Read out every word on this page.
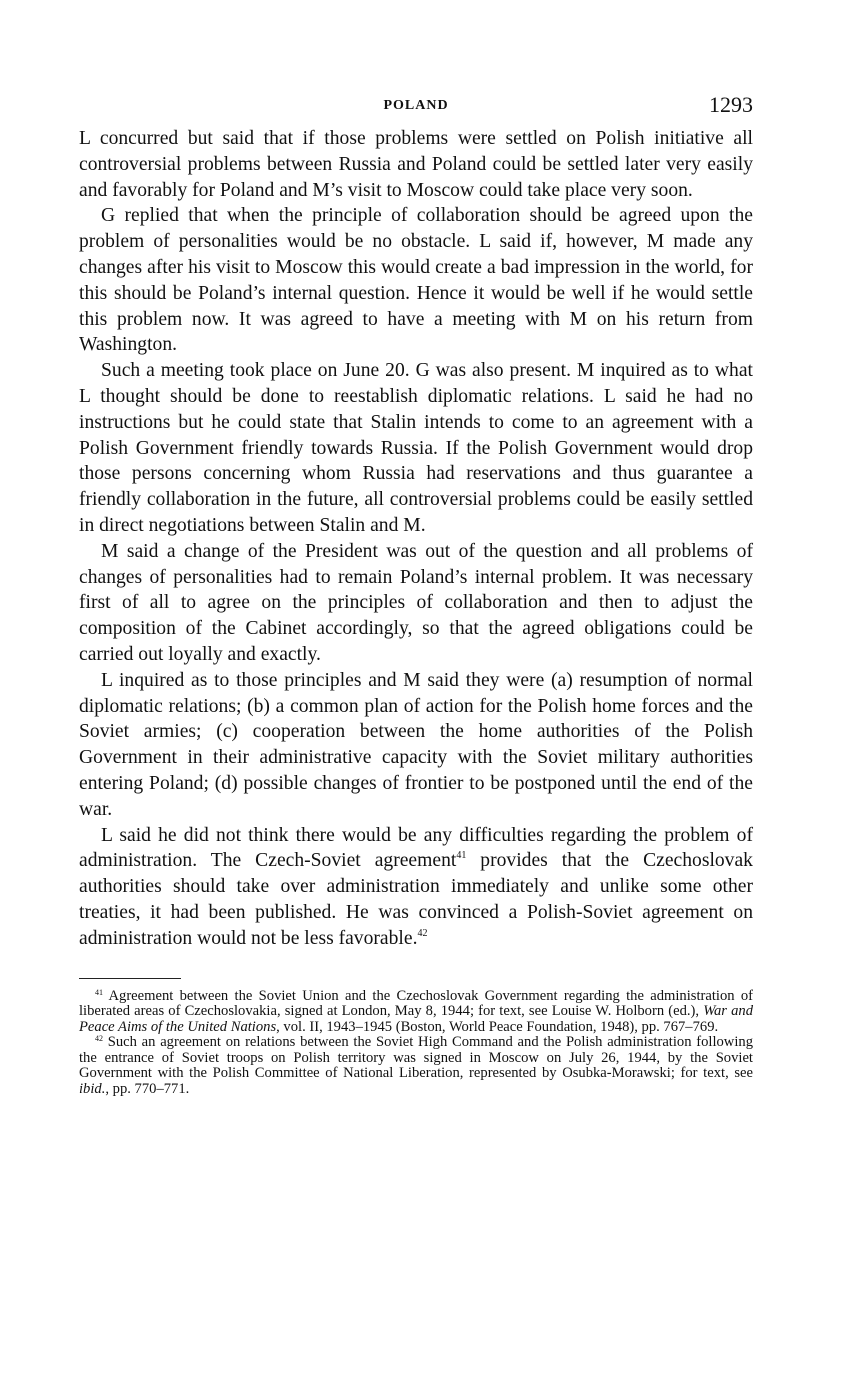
POLAND	1293

L concurred but said that if those problems were settled on Polish initiative all controversial problems between Russia and Poland could be settled later very easily and favorably for Poland and M’s visit to Moscow could take place very soon.

G replied that when the principle of collaboration should be agreed upon the problem of personalities would be no obstacle. L said if, however, M made any changes after his visit to Moscow this would create a bad impression in the world, for this should be Poland’s internal question. Hence it would be well if he would settle this problem now. It was agreed to have a meeting with M on his return from Washington.

Such a meeting took place on June 20. G was also present. M inquired as to what L thought should be done to reestablish diplomatic relations. L said he had no instructions but he could state that Stalin intends to come to an agreement with a Polish Government friendly towards Russia. If the Polish Government would drop those persons concerning whom Russia had reservations and thus guarantee a friendly collaboration in the future, all controversial problems could be easily settled in direct negotiations between Stalin and M.

M said a change of the President was out of the question and all problems of changes of personalities had to remain Poland’s internal problem. It was necessary first of all to agree on the principles of collaboration and then to adjust the composition of the Cabinet accordingly, so that the agreed obligations could be carried out loyally and exactly.

L inquired as to those principles and M said they were (a) resumption of normal diplomatic relations; (b) a common plan of action for the Polish home forces and the Soviet armies; (c) cooperation between the home authorities of the Polish Government in their administrative capacity with the Soviet military authorities entering Poland; (d) possible changes of frontier to be postponed until the end of the war.

L said he did not think there would be any difficulties regarding the problem of administration. The Czech-Soviet agreement$^{41}$ provides that the Czechoslovak authorities should take over administration immediately and unlike some other treaties, it had been published. He was convinced a Polish-Soviet agreement on administration would not be less favorable.$^{42}$

$^{41}$ Agreement between the Soviet Union and the Czechoslovak Government regarding the administration of liberated areas of Czechoslovakia, signed at London, May 8, 1944; for text, see Louise W. Holborn (ed.), War and Peace Aims of the United Nations, vol. II, 1943–1945 (Boston, World Peace Foundation, 1948), pp. 767–769.

$^{42}$ Such an agreement on relations between the Soviet High Command and the Polish administration following the entrance of Soviet troops on Polish territory was signed in Moscow on July 26, 1944, by the Soviet Government with the Polish Committee of National Liberation, represented by Osubka-Morawski; for text, see ibid., pp. 770–771.
